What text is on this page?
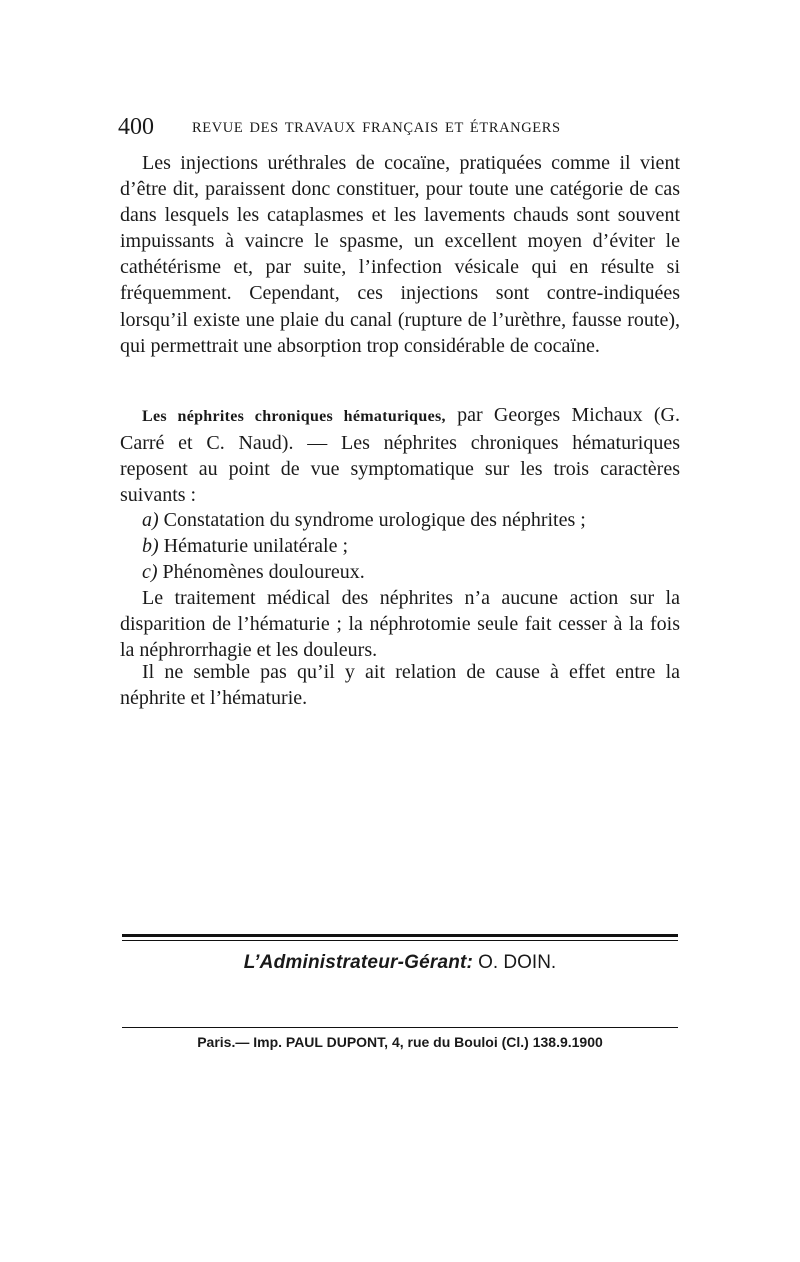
400	REVUE DES TRAVAUX FRANÇAIS ET ÉTRANGERS

Les injections uréthrales de cocaïne, pratiquées comme il vient d’être dit, paraissent donc constituer, pour toute une catégorie de cas dans lesquels les cataplasmes et les lavements chauds sont souvent impuissants à vaincre le spasme, un excellent moyen d’éviter le cathétérisme et, par suite, l’infection vésicale qui en résulte si fréquemment. Cependant, ces injections sont contre-indiquées lorsqu’il existe une plaie du canal (rupture de l’urèthre, fausse route), qui permettrait une absorption trop considérable de cocaïne.

Les néphrites chroniques hématuriques, par Georges Michaux (G. Carré et C. Naud). — Les néphrites chroniques hématuriques reposent au point de vue symptomatique sur les trois caractères suivants :

a) Constatation du syndrome urologique des néphrites ;

b) Hématurie unilatérale ;

c) Phénomènes douloureux.

Le traitement médical des néphrites n’a aucune action sur la disparition de l’hématurie ; la néphrotomie seule fait cesser à la fois la néphrorrhagie et les douleurs.

Il ne semble pas qu’il y ait relation de cause à effet entre la néphrite et l’hématurie.

L’Administrateur-Gérant: O. DOIN.
Paris.— Imp. PAUL DUPONT, 4, rue du Bouloi (Cl.) 138.9.1900
